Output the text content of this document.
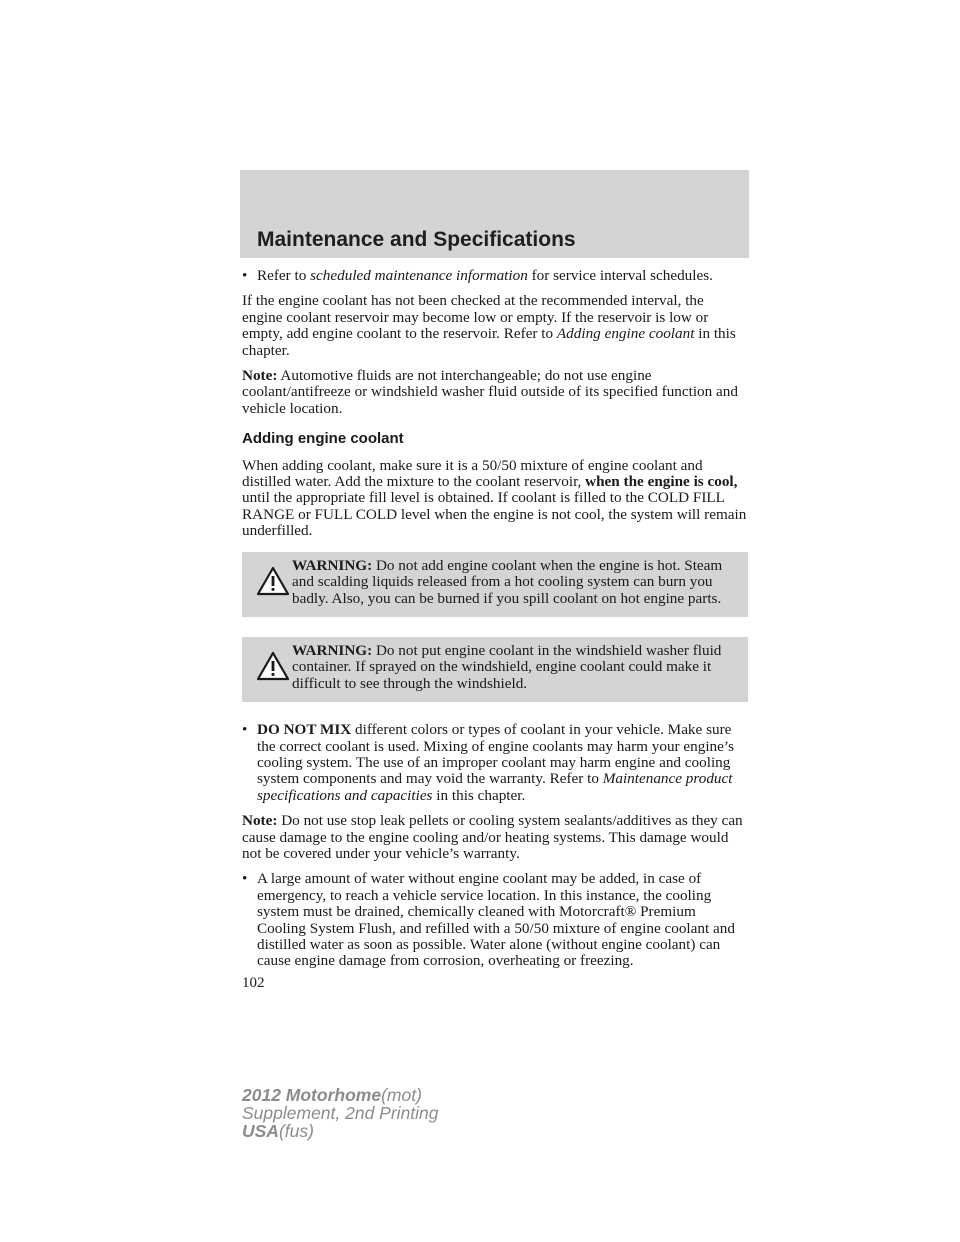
Maintenance and Specifications
• Refer to scheduled maintenance information for service interval schedules.

If the engine coolant has not been checked at the recommended interval, the engine coolant reservoir may become low or empty. If the reservoir is low or empty, add engine coolant to the reservoir. Refer to Adding engine coolant in this chapter.

Note: Automotive fluids are not interchangeable; do not use engine coolant/antifreeze or windshield washer fluid outside of its specified function and vehicle location.

Adding engine coolant

When adding coolant, make sure it is a 50/50 mixture of engine coolant and distilled water. Add the mixture to the coolant reservoir, when the engine is cool, until the appropriate fill level is obtained. If coolant is filled to the COLD FILL RANGE or FULL COLD level when the engine is not cool, the system will remain underfilled.

WARNING: Do not add engine coolant when the engine is hot. Steam and scalding liquids released from a hot cooling system can burn you badly. Also, you can be burned if you spill coolant on hot engine parts.
WARNING: Do not put engine coolant in the windshield washer fluid container. If sprayed on the windshield, engine coolant could make it difficult to see through the windshield.
• DO NOT MIX different colors or types of coolant in your vehicle. Make sure the correct coolant is used. Mixing of engine coolants may harm your engine’s cooling system. The use of an improper coolant may harm engine and cooling system components and may void the warranty. Refer to Maintenance product specifications and capacities in this chapter.

Note: Do not use stop leak pellets or cooling system sealants/additives as they can cause damage to the engine cooling and/or heating systems. This damage would not be covered under your vehicle’s warranty.

• A large amount of water without engine coolant may be added, in case of emergency, to reach a vehicle service location. In this instance, the cooling system must be drained, chemically cleaned with Motorcraft® Premium Cooling System Flush, and refilled with a 50/50 mixture of engine coolant and distilled water as soon as possible. Water alone (without engine coolant) can cause engine damage from corrosion, overheating or freezing.
102
2012 Motorhome(mot)
Supplement, 2nd Printing
USA(fus)
